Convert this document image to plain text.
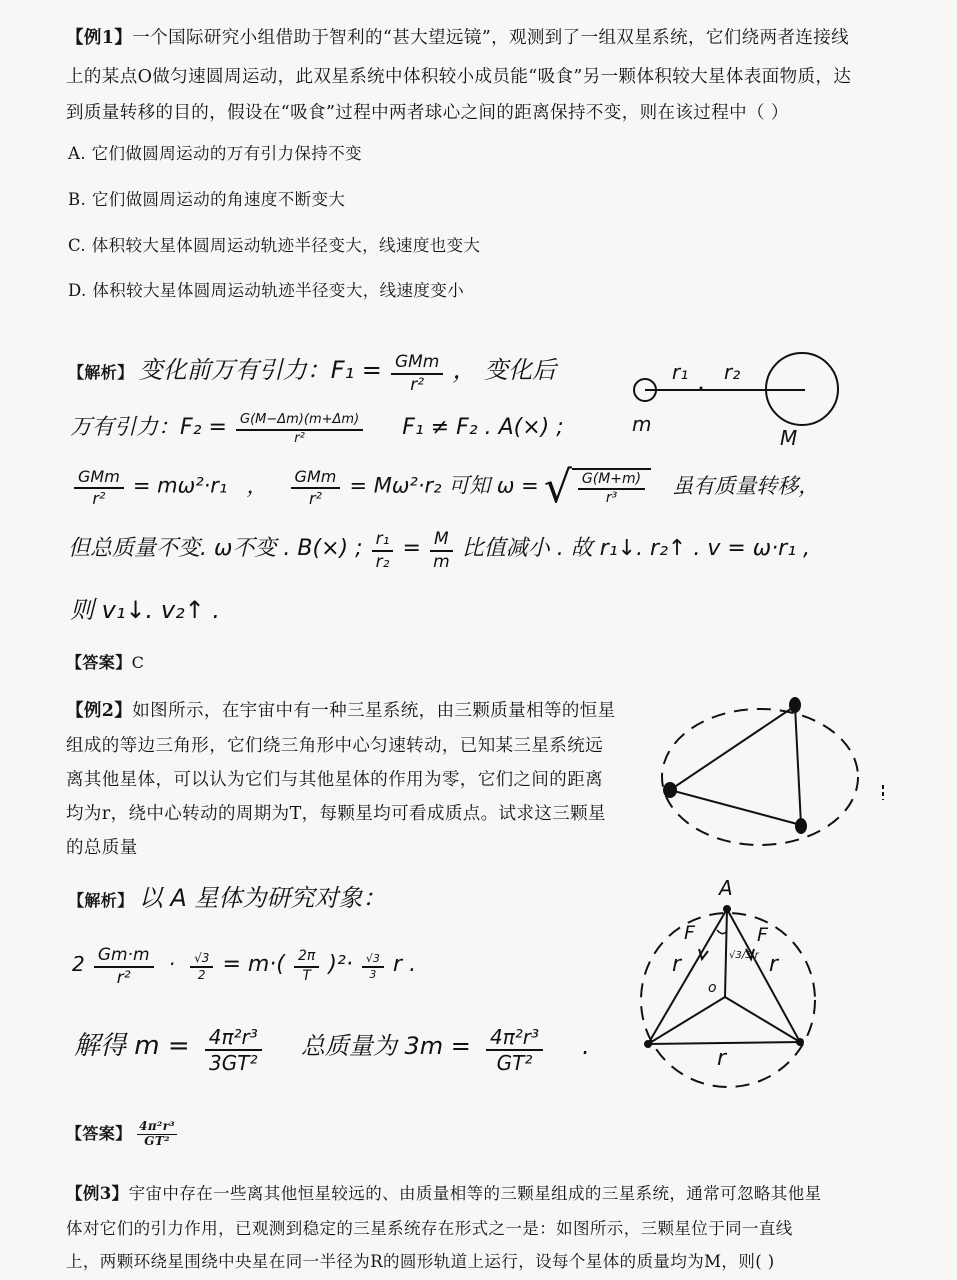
【例1】一个国际研究小组借助于智利的“甚大望远镜”，观测到了一组双星系统，它们绕两者连接线
上的某点O做匀速圆周运动，此双星系统中体积较小成员能“吸食”另一颗体积较大星体表面物质，达
到质量转移的目的，假设在“吸食”过程中两者球心之间的距离保持不变，则在该过程中（ ）
A. 它们做圆周运动的万有引力保持不变
B. 它们做圆周运动的角速度不断变大
C. 体积较大星体圆周运动轨迹半径变大，线速度也变大
D. 体积较大星体圆周运动轨迹半径变大，线速度变小
【解析】 变化前万有引力：$F_1 = \frac{\text{GMm}}{\text{r²}}$ ， 变化后
万有引力：$F_2 = \frac{G(M-\Delta m)(m+\Delta m)}{\text{r²}} F_1 \ne F_2$ . A(×) ;
$\frac{\text{GMm}}{\text{r²}} = m\omega^2\cdot r_1$ ， $\frac{\text{GMm}}{\text{r²}} = M\omega^2\cdot r_2$ 可知 ω = √ $\frac{G(M+m)}{\text{r³}}$ 虽有质量转移，
但总质量不变. ω不变 . B(×) ; $\frac{\text{r₁}}{\text{r₂}} = \frac{M}{m}$ 比值减小 . 故 r₁↓. r₂↑ . v = ω·r₁ ,
则 v₁↓. v₂↑ .
【答案】C
r₁ r₂
m
M
【例2】如图所示，在宇宙中有一种三星系统，由三颗质量相等的恒星
组成的等边三角形，它们绕三角形中心匀速转动，已知某三星系统远
离其他星体，可以认为它们与其他星体的作用为零，它们之间的距离
均为r，绕中心转动的周期为T，每颗星均可看成质点。试求这三颗星
的总质量
【解析】 以 A 星体为研究对象：
$2 \frac{Gm\cdot m}{\text{r²}} \cdot \frac{√3}{2} = m\cdot( \frac{2\pi}{T} )^2\cdot \frac{√3}{3}$ r .
解得 $m = \frac{\text{4π²r³}}{\text{3GT²}}$ 总质量为 $3m = \frac{\text{4π²r³}}{\text{GT²}}$ .
【答案】 $\frac{\text{4π²r³}}{\text{GT²}}$
A
F	F
r	r
r
o
√3/3 r
【例3】宇宙中存在一些离其他恒星较远的、由质量相等的三颗星组成的三星系统，通常可忽略其他星
体对它们的引力作用，已观测到稳定的三星系统存在形式之一是：如图所示，三颗星位于同一直线
上，两颗环绕星围绕中央星在同一半径为R的圆形轨道上运行，设每个星体的质量均为M，则( )
